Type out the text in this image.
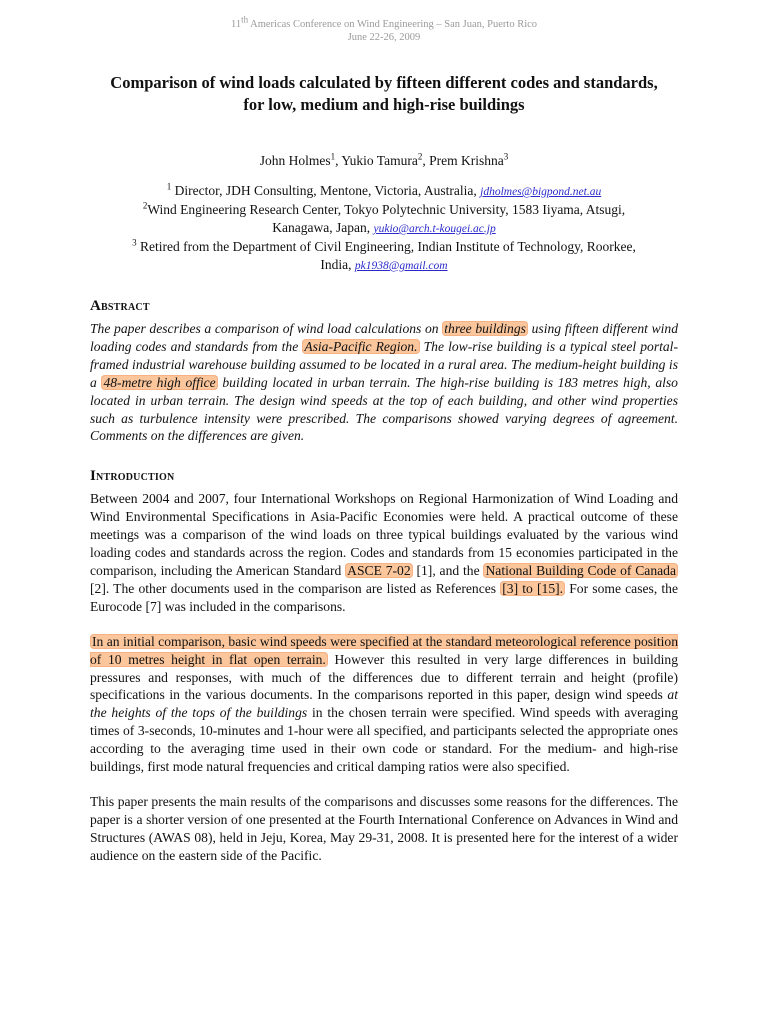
11th Americas Conference on Wind Engineering – San Juan, Puerto Rico
June 22-26, 2009
Comparison of wind loads calculated by fifteen different codes and standards,
for low, medium and high-rise buildings
John Holmes$^1$, Yukio Tamura$^2$, Prem Krishna$^3$
$^1$ Director, JDH Consulting, Mentone, Victoria, Australia, jdholmes@bigpond.net.au
$^2$Wind Engineering Research Center, Tokyo Polytechnic University, 1583 Iiyama, Atsugi,
Kanagawa, Japan, yukio@arch.t-kougei.ac.jp
$^3$ Retired from the Department of Civil Engineering, Indian Institute of Technology, Roorkee,
India, pk1938@gmail.com
Abstract

The paper describes a comparison of wind load calculations on three buildings using fifteen different wind loading codes and standards from the Asia-Pacific Region. The low-rise building is a typical steel portal-framed industrial warehouse building assumed to be located in a rural area. The medium-height building is a 48-metre high office building located in urban terrain. The high-rise building is 183 metres high, also located in urban terrain. The design wind speeds at the top of each building, and other wind properties such as turbulence intensity were prescribed. The comparisons showed varying degrees of agreement. Comments on the differences are given.

Introduction

Between 2004 and 2007, four International Workshops on Regional Harmonization of Wind Loading and Wind Environmental Specifications in Asia-Pacific Economies were held. A practical outcome of these meetings was a comparison of the wind loads on three typical buildings evaluated by the various wind loading codes and standards across the region. Codes and standards from 15 economies participated in the comparison, including the American Standard ASCE 7-02 [1], and the National Building Code of Canada [2]. The other documents used in the comparison are listed as References [3] to [15]. For some cases, the Eurocode [7] was included in the comparisons.

In an initial comparison, basic wind speeds were specified at the standard meteorological reference position of 10 metres height in flat open terrain. However this resulted in very large differences in building pressures and responses, with much of the differences due to different terrain and height (profile) specifications in the various documents. In the comparisons reported in this paper, design wind speeds at the heights of the tops of the buildings in the chosen terrain were specified. Wind speeds with averaging times of 3-seconds, 10-minutes and 1-hour were all specified, and participants selected the appropriate ones according to the averaging time used in their own code or standard. For the medium- and high-rise buildings, first mode natural frequencies and critical damping ratios were also specified.

This paper presents the main results of the comparisons and discusses some reasons for the differences. The paper is a shorter version of one presented at the Fourth International Conference on Advances in Wind and Structures (AWAS 08), held in Jeju, Korea, May 29-31, 2008. It is presented here for the interest of a wider audience on the eastern side of the Pacific.
